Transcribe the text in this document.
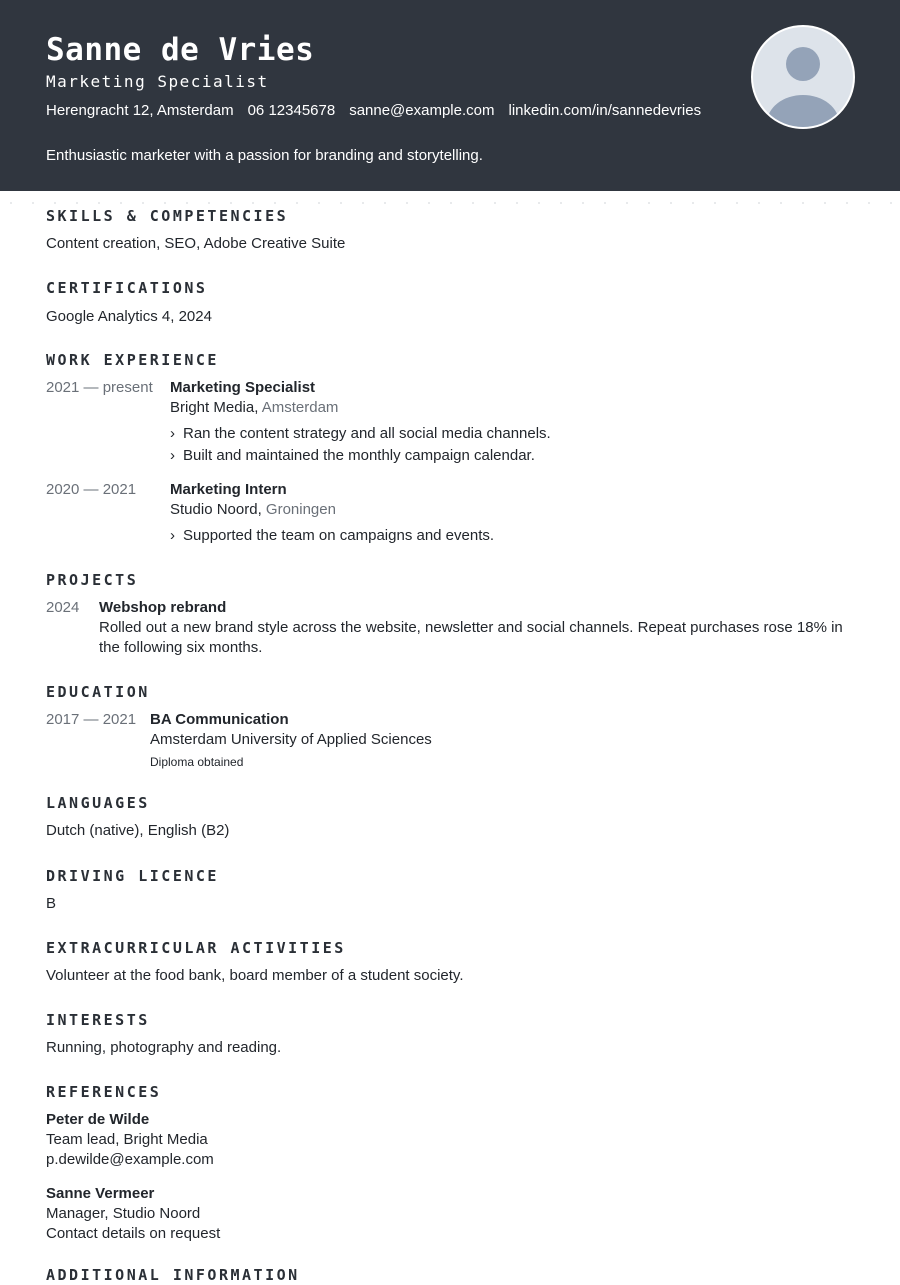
Sanne de Vries
Marketing Specialist
Herengracht 12, Amsterdam 06 12345678 sanne@example.com linkedin.com/in/sannedevries
Enthusiastic marketer with a passion for branding and storytelling.
SKILLS & COMPETENCIES
Content creation, SEO, Adobe Creative Suite
CERTIFICATIONS
Google Analytics 4, 2024
WORK EXPERIENCE
2021 — present Marketing Specialist
Bright Media, Amsterdam
› Ran the content strategy and all social media channels.
› Built and maintained the monthly campaign calendar.
2020 — 2021 Marketing Intern
Studio Noord, Groningen
› Supported the team on campaigns and events.
PROJECTS
2024 Webshop rebrand
Rolled out a new brand style across the website, newsletter and social channels. Repeat purchases rose 18% in
the following six months.
EDUCATION
2017 — 2021 BA Communication
Amsterdam University of Applied Sciences
Diploma obtained
LANGUAGES
Dutch (native), English (B2)
DRIVING LICENCE
B
EXTRACURRICULAR ACTIVITIES
Volunteer at the food bank, board member of a student society.
INTERESTS
Running, photography and reading.
REFERENCES
Peter de Wilde
Team lead, Bright Media
p.dewilde@example.com
Sanne Vermeer
Manager, Studio Noord
Contact details on request
ADDITIONAL INFORMATION
